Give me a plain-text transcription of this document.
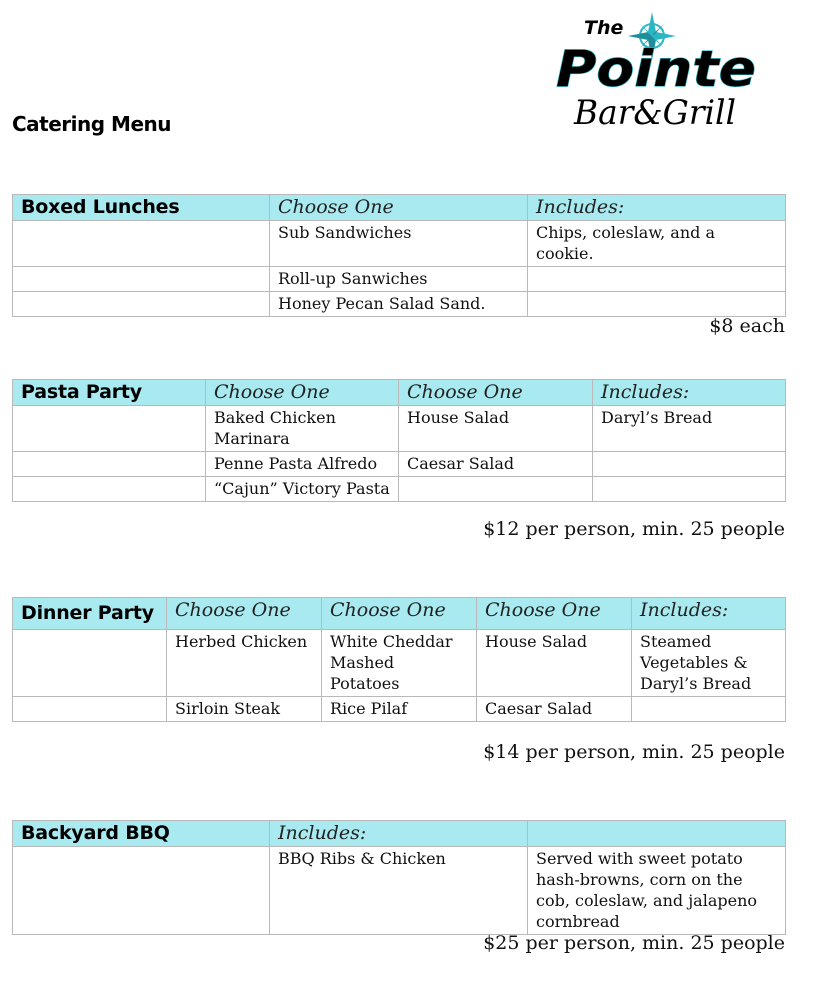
The
Pointe
Bar&Grill
Catering Menu
Boxed Lunches	Choose One	Includes:
	Sub Sandwiches	Chips, coleslaw, and a cookie.
	Roll-up Sanwiches	
	Honey Pecan Salad Sand.	
$8 each
Pasta Party	Choose One	Choose One	Includes:
	Baked Chicken Marinara	House Salad	Daryl’s Bread
	Penne Pasta Alfredo	Caesar Salad	
	“Cajun” Victory Pasta		
$12 per person, min. 25 people
Dinner Party	Choose One	Choose One	Choose One	Includes:
	Herbed Chicken	White Cheddar Mashed Potatoes	House Salad	Steamed Vegetables & Daryl’s Bread
	Sirloin Steak	Rice Pilaf	Caesar Salad	
$14 per person, min. 25 people
Backyard BBQ	Includes:	
	BBQ Ribs & Chicken	Served with sweet potato hash-browns, corn on the cob, coleslaw, and jalapeno cornbread
$25 per person, min. 25 people
